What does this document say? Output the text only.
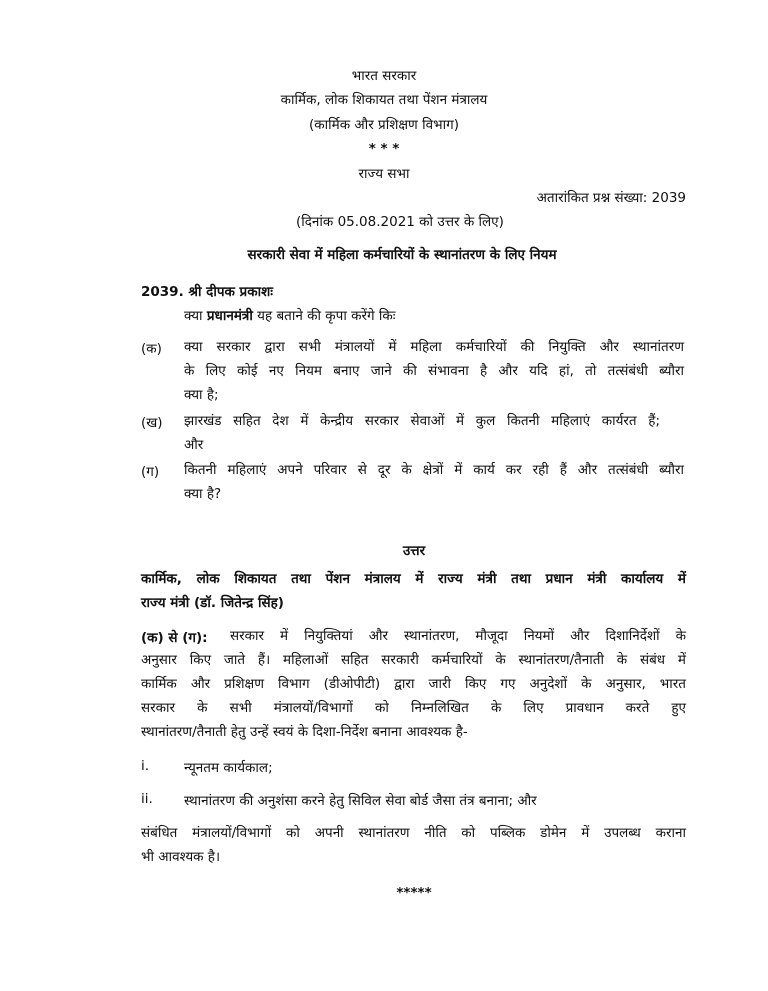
भारत सरकार
कार्मिक, लोक शिकायत तथा पेंशन मंत्रालय
(कार्मिक और प्रशिक्षण विभाग)
* * *
राज्य सभा
अतारांकित प्रश्न संख्या: 2039
(दिनांक 05.08.2021 को उत्तर के लिए)
सरकारी सेवा में महिला कर्मचारियों के स्थानांतरण के लिए नियम
2039. श्री दीपक प्रकाशः
क्या प्रधानमंत्री यह बताने की कृपा करेंगे किः
(क) क्या सरकार द्वारा सभी मंत्रालयों में महिला कर्मचारियों की नियुक्ति और स्थानांतरण
के लिए कोई नए नियम बनाए जाने की संभावना है और यदि हां, तो तत्संबंधी ब्यौरा
क्या है;
(ख) झारखंड सहित देश में केन्द्रीय सरकार सेवाओं में कुल कितनी महिलाएं कार्यरत हैं;
और
(ग) कितनी महिलाएं अपने परिवार से दूर के क्षेत्रों में कार्य कर रही हैं और तत्संबंधी ब्यौरा
क्या है?
उत्तर
कार्मिक, लोक शिकायत तथा पेंशन मंत्रालय में राज्य मंत्री तथा प्रधान मंत्री कार्यालय में
राज्य मंत्री (डॉ. जितेन्द्र सिंह)
(क) से (ग): सरकार में नियुक्तियां और स्थानांतरण, मौजूदा नियमों और दिशानिर्देशों के
अनुसार किए जाते हैं। महिलाओं सहित सरकारी कर्मचारियों के स्थानांतरण/तैनाती के संबंध में
कार्मिक और प्रशिक्षण विभाग (डीओपीटी) द्वारा जारी किए गए अनुदेशों के अनुसार, भारत
सरकार के सभी मंत्रालयों/विभागों को निम्नलिखित के लिए प्रावधान करते हुए
स्थानांतरण/तैनाती हेतु उन्हें स्वयं के दिशा-निर्देश बनाना आवश्यक है-
i.	न्यूनतम कार्यकाल;
ii. स्थानांतरण की अनुशंसा करने हेतु सिविल सेवा बोर्ड जैसा तंत्र बनाना; और
संबंधित मंत्रालयों/विभागों को अपनी स्थानांतरण नीति को पब्लिक डोमेन में उपलब्ध कराना
भी आवश्यक है।
*****
